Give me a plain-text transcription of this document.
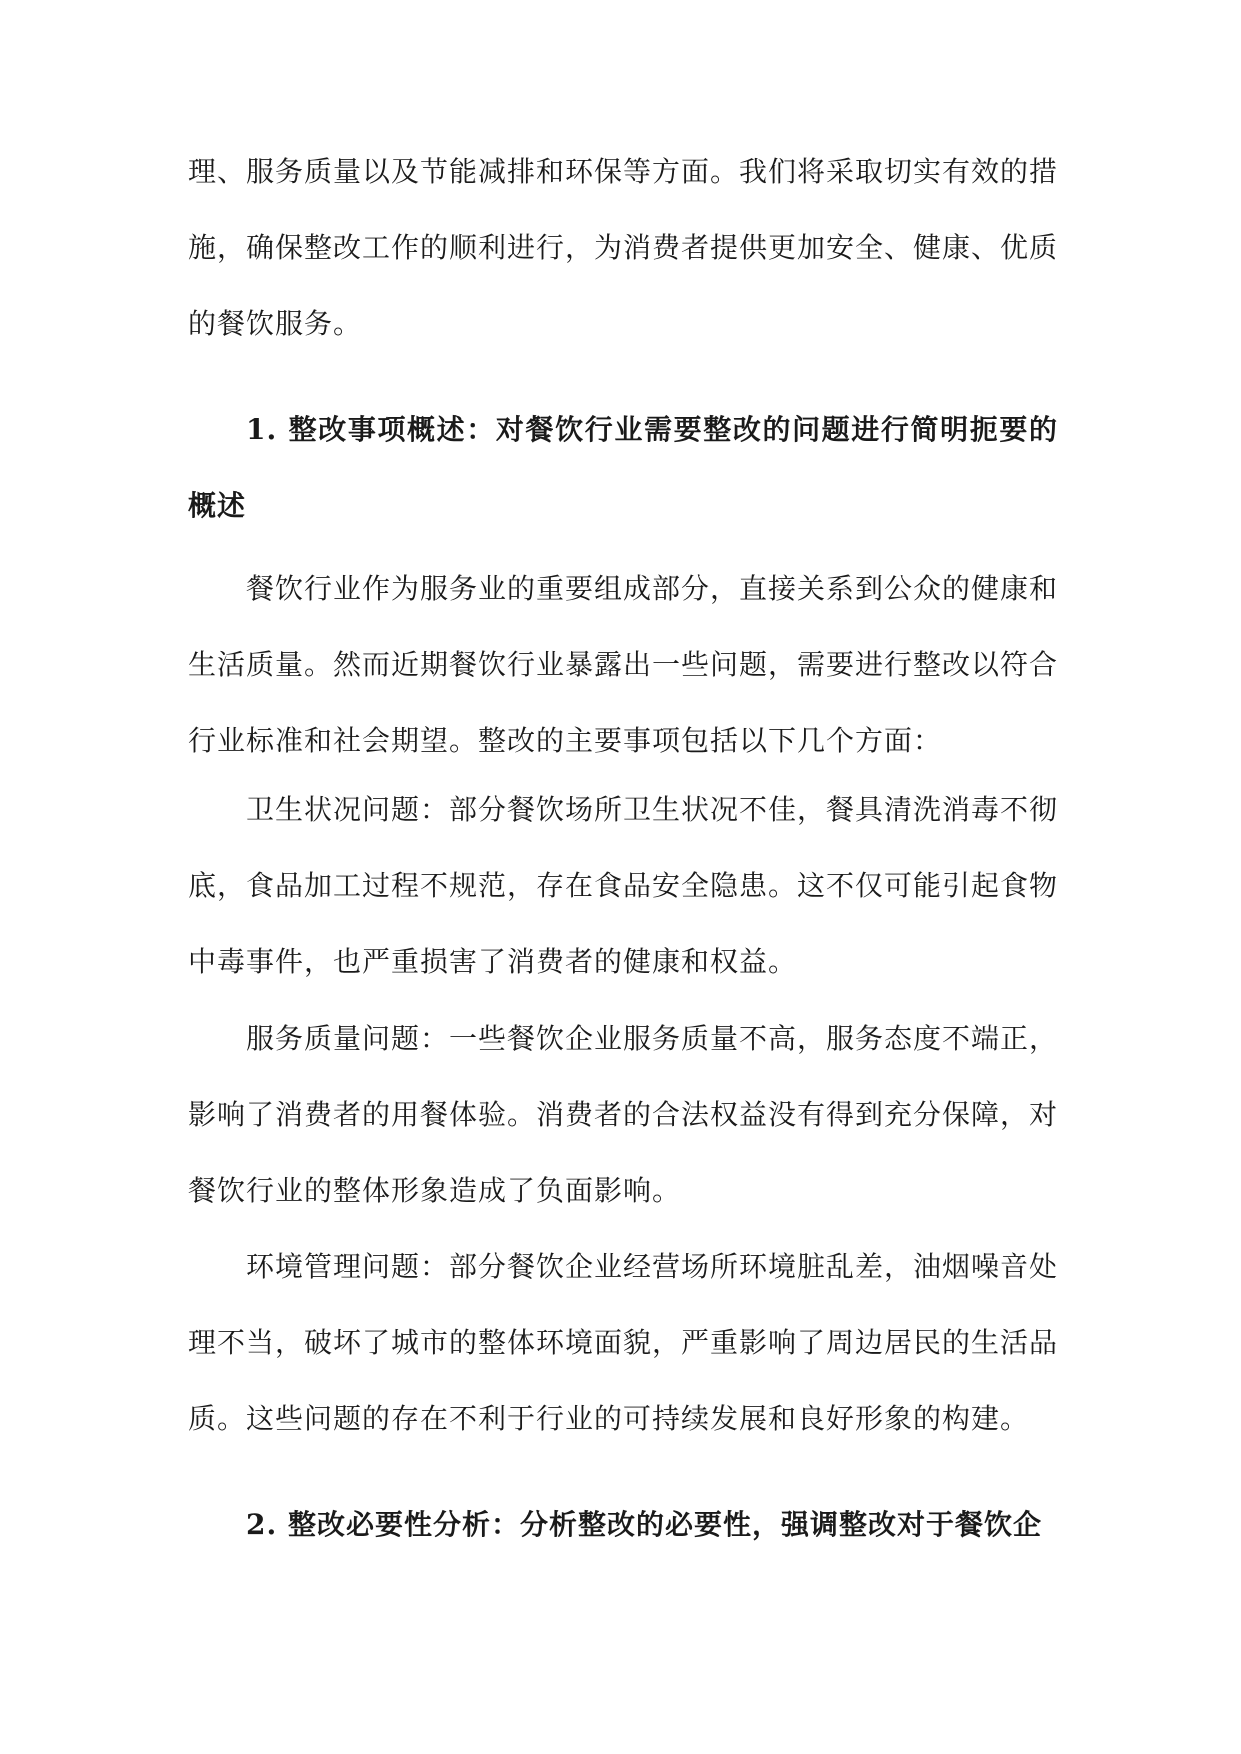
理、服务质量以及节能减排和环保等方面。我们将采取切实有效的措施，确保整改工作的顺利进行，为消费者提供更加安全、健康、优质的餐饮服务。

1. 整改事项概述：对餐饮行业需要整改的问题进行简明扼要的概述

餐饮行业作为服务业的重要组成部分，直接关系到公众的健康和生活质量。然而近期餐饮行业暴露出一些问题，需要进行整改以符合行业标准和社会期望。整改的主要事项包括以下几个方面：

卫生状况问题：部分餐饮场所卫生状况不佳，餐具清洗消毒不彻底，食品加工过程不规范，存在食品安全隐患。这不仅可能引起食物中毒事件，也严重损害了消费者的健康和权益。

服务质量问题：一些餐饮企业服务质量不高，服务态度不端正，影响了消费者的用餐体验。消费者的合法权益没有得到充分保障，对餐饮行业的整体形象造成了负面影响。

环境管理问题：部分餐饮企业经营场所环境脏乱差，油烟噪音处理不当，破坏了城市的整体环境面貌，严重影响了周边居民的生活品质。这些问题的存在不利于行业的可持续发展和良好形象的构建。

2. 整改必要性分析：分析整改的必要性，强调整改对于餐饮企
